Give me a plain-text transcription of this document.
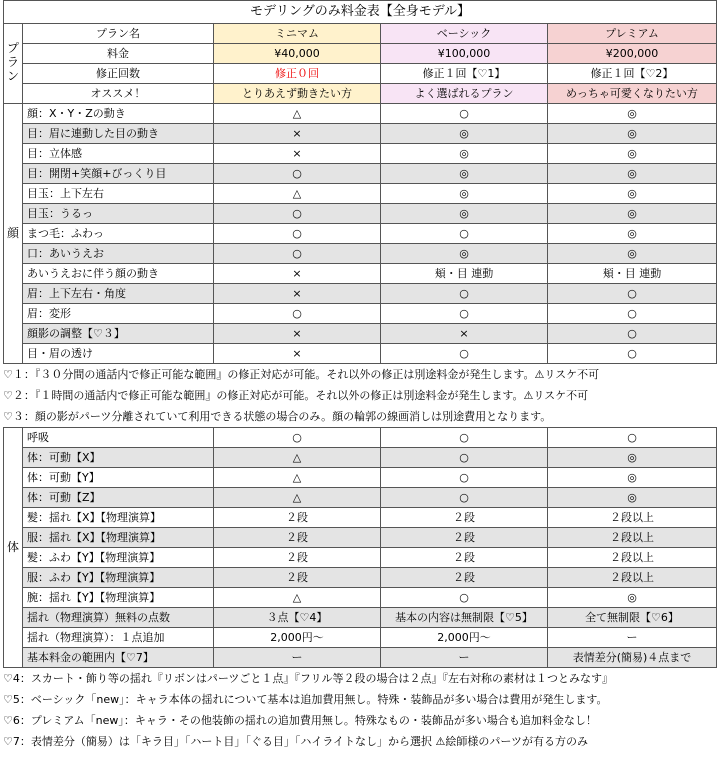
モデリングのみ料金表【全身モデル】				
プラン	プラン名	ミニマム	ベーシック	プレミアム
	料金	¥40,000	¥100,000	¥200,000
	修正回数	修正０回	修正１回【♡1】	修正１回【♡2】
	オススメ！	とりあえず動きたい方	よく選ばれるプラン	めっちゃ可愛くなりたい方
顔	顔：X・Y・Zの動き	△	○	◎
	目：眉に連動した目の動き	×	◎	◎
	目：立体感	×	◎	◎
	目：開閉+笑顔+びっくり目	○	◎	◎
	目玉：上下左右	△	◎	◎
	目玉：うるっ	○	◎	◎
	まつ毛：ふわっ	○	○	◎
	口：あいうえお	○	◎	◎
	あいうえおに伴う顔の動き	×	頬・目 連動	頬・目 連動
	眉：上下左右・角度	×	○	○
	眉：変形	○	○	○
	顔影の調整【♡３】	×	×	○
	目・眉の透け	×	○	○
♡１：『３０分間の通話内で修正可能な範囲』の修正対応が可能。それ以外の修正は別途料金が発生します。⚠リスケ不可
♡２：『１時間の通話内で修正可能な範囲』の修正対応が可能。それ以外の修正は別途料金が発生します。⚠リスケ不可
♡３：顔の影がパーツ分離されていて利用できる状態の場合のみ。顔の輪郭の線画消しは別途費用となります。
体	呼吸	○	○	○
	体：可動【X】	△	○	◎
	体：可動【Y】	△	○	◎
	体：可動【Z】	△	○	◎
	髪：揺れ【X】【物理演算】	２段	２段	２段以上
	服：揺れ【X】【物理演算】	２段	２段	２段以上
	髪：ふわ【Y】【物理演算】	２段	２段	２段以上
	服：ふわ【Y】【物理演算】	２段	２段	２段以上
	腕：揺れ【Y】【物理演算】	△	○	◎
	揺れ（物理演算）無料の点数	３点【♡4】	基本の内容は無制限【♡5】	全て無制限【♡6】
	揺れ（物理演算）：１点追加	2,000円〜	2,000円〜	ー
	基本料金の範囲内【♡7】	ー	ー	表情差分(簡易)４点まで
♡4：スカート・飾り等の揺れ『リボンはパーツごと１点』『フリル等２段の場合は２点』『左右対称の素材は１つとみなす』
♡5：ベーシック「new」：キャラ本体の揺れについて基本は追加費用無し。特殊・装飾品が多い場合は費用が発生します。
♡6：プレミアム「new」：キャラ・その他装飾の揺れの追加費用無し。特殊なもの・装飾品が多い場合も追加料金なし！
♡7：表情差分（簡易）は「キラ目」「ハート目」「ぐる目」「ハイライトなし」から選択 ⚠絵師様のパーツが有る方のみ
